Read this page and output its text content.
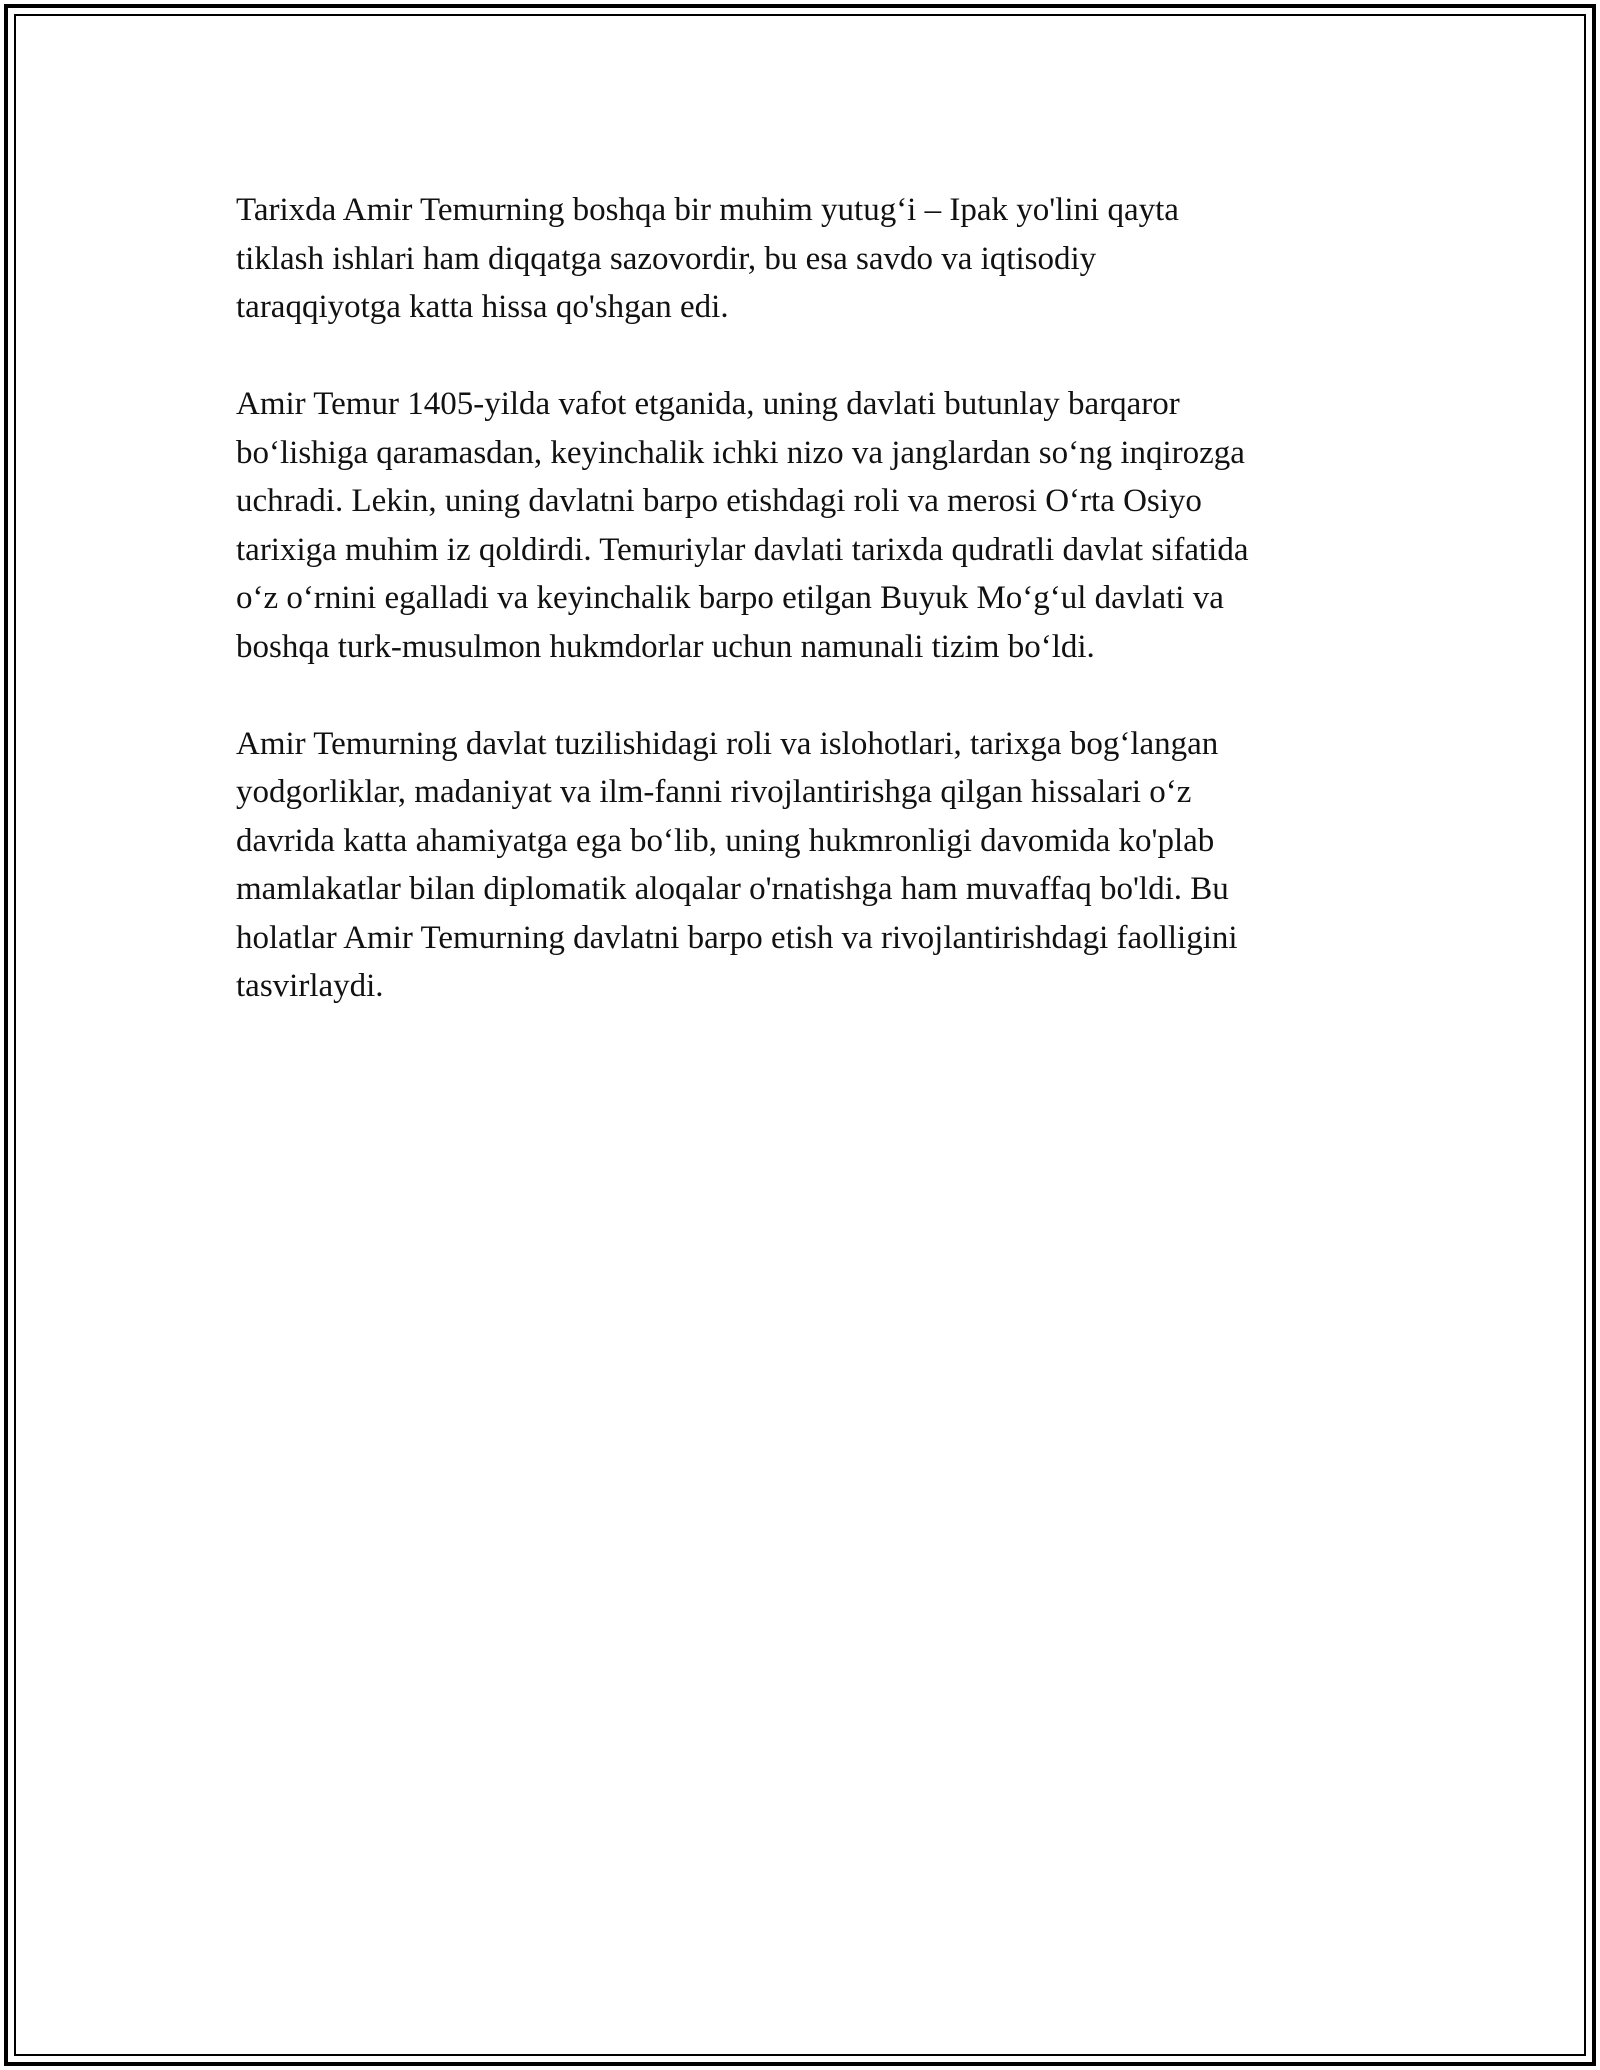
Tarixda Amir Temurning boshqa bir muhim yutug‘i – Ipak yo'lini qayta
tiklash ishlari ham diqqatga sazovordir, bu esa savdo va iqtisodiy
taraqqiyotga katta hissa qo'shgan edi.

Amir Temur 1405-yilda vafot etganida, uning davlati butunlay barqaror
bo‘lishiga qaramasdan, keyinchalik ichki nizo va janglardan so‘ng inqirozga
uchradi. Lekin, uning davlatni barpo etishdagi roli va merosi O‘rta Osiyo
tarixiga muhim iz qoldirdi. Temuriylar davlati tarixda qudratli davlat sifatida
o‘z o‘rnini egalladi va keyinchalik barpo etilgan Buyuk Mo‘g‘ul davlati va
boshqa turk-musulmon hukmdorlar uchun namunali tizim bo‘ldi.

Amir Temurning davlat tuzilishidagi roli va islohotlari, tarixga bog‘langan
yodgorliklar, madaniyat va ilm-fanni rivojlantirishga qilgan hissalari o‘z
davrida katta ahamiyatga ega bo‘lib, uning hukmronligi davomida ko'plab
mamlakatlar bilan diplomatik aloqalar o'rnatishga ham muvaffaq bo'ldi. Bu
holatlar Amir Temurning davlatni barpo etish va rivojlantirishdagi faolligini
tasvirlaydi.
